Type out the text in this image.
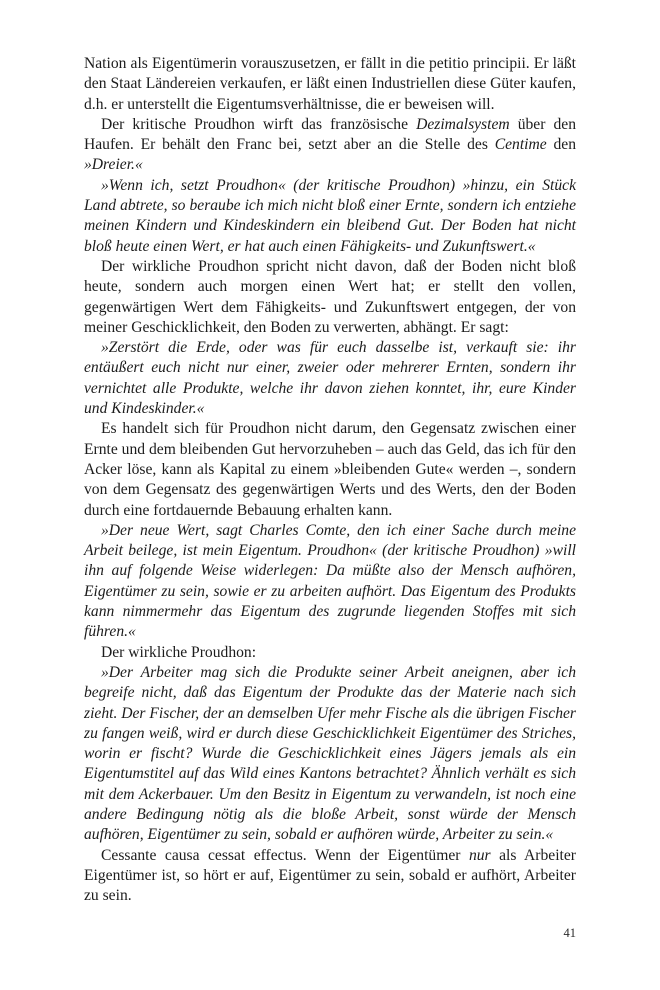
Nation als Eigentümerin vorauszusetzen, er fällt in die petitio principii. Er läßt den Staat Ländereien verkaufen, er läßt einen Industriellen diese Güter kaufen, d.h. er unterstellt die Eigentumsverhältnisse, die er beweisen will.

Der kritische Proudhon wirft das französische Dezimalsystem über den Haufen. Er behält den Franc bei, setzt aber an die Stelle des Centime den »Dreier.«

»Wenn ich, setzt Proudhon« (der kritische Proudhon) »hinzu, ein Stück Land abtrete, so beraube ich mich nicht bloß einer Ernte, sondern ich entziehe meinen Kindern und Kindeskindern ein bleibend Gut. Der Boden hat nicht bloß heute einen Wert, er hat auch einen Fähigkeits- und Zukunftswert.«

Der wirkliche Proudhon spricht nicht davon, daß der Boden nicht bloß heute, sondern auch morgen einen Wert hat; er stellt den vollen, gegenwärtigen Wert dem Fähigkeits- und Zukunftswert entgegen, der von meiner Geschicklichkeit, den Boden zu verwerten, abhängt. Er sagt:

»Zerstört die Erde, oder was für euch dasselbe ist, verkauft sie: ihr entäußert euch nicht nur einer, zweier oder mehrerer Ernten, sondern ihr vernichtet alle Produkte, welche ihr davon ziehen konntet, ihr, eure Kinder und Kindeskinder.«

Es handelt sich für Proudhon nicht darum, den Gegensatz zwischen einer Ernte und dem bleibenden Gut hervorzuheben – auch das Geld, das ich für den Acker löse, kann als Kapital zu einem »bleibenden Gute« werden –, sondern von dem Gegensatz des gegenwärtigen Werts und des Werts, den der Boden durch eine fortdauernde Bebauung erhalten kann.

»Der neue Wert, sagt Charles Comte, den ich einer Sache durch meine Arbeit beilege, ist mein Eigentum. Proudhon« (der kritische Proudhon) »will ihn auf folgende Weise widerlegen: Da müßte also der Mensch aufhören, Eigentümer zu sein, sowie er zu arbeiten aufhört. Das Eigentum des Produkts kann nimmermehr das Eigentum des zugrunde liegenden Stoffes mit sich führen.«

Der wirkliche Proudhon:

»Der Arbeiter mag sich die Produkte seiner Arbeit aneignen, aber ich begreife nicht, daß das Eigentum der Produkte das der Materie nach sich zieht. Der Fischer, der an demselben Ufer mehr Fische als die übrigen Fischer zu fangen weiß, wird er durch diese Geschicklichkeit Eigentümer des Striches, worin er fischt? Wurde die Geschicklichkeit eines Jägers jemals als ein Eigentumstitel auf das Wild eines Kantons betrachtet? Ähnlich verhält es sich mit dem Ackerbauer. Um den Besitz in Eigentum zu verwandeln, ist noch eine andere Bedingung nötig als die bloße Arbeit, sonst würde der Mensch aufhören, Eigentümer zu sein, sobald er aufhören würde, Arbeiter zu sein.«

Cessante causa cessat effectus. Wenn der Eigentümer nur als Arbeiter Eigentümer ist, so hört er auf, Eigentümer zu sein, sobald er aufhört, Arbeiter zu sein.

41
